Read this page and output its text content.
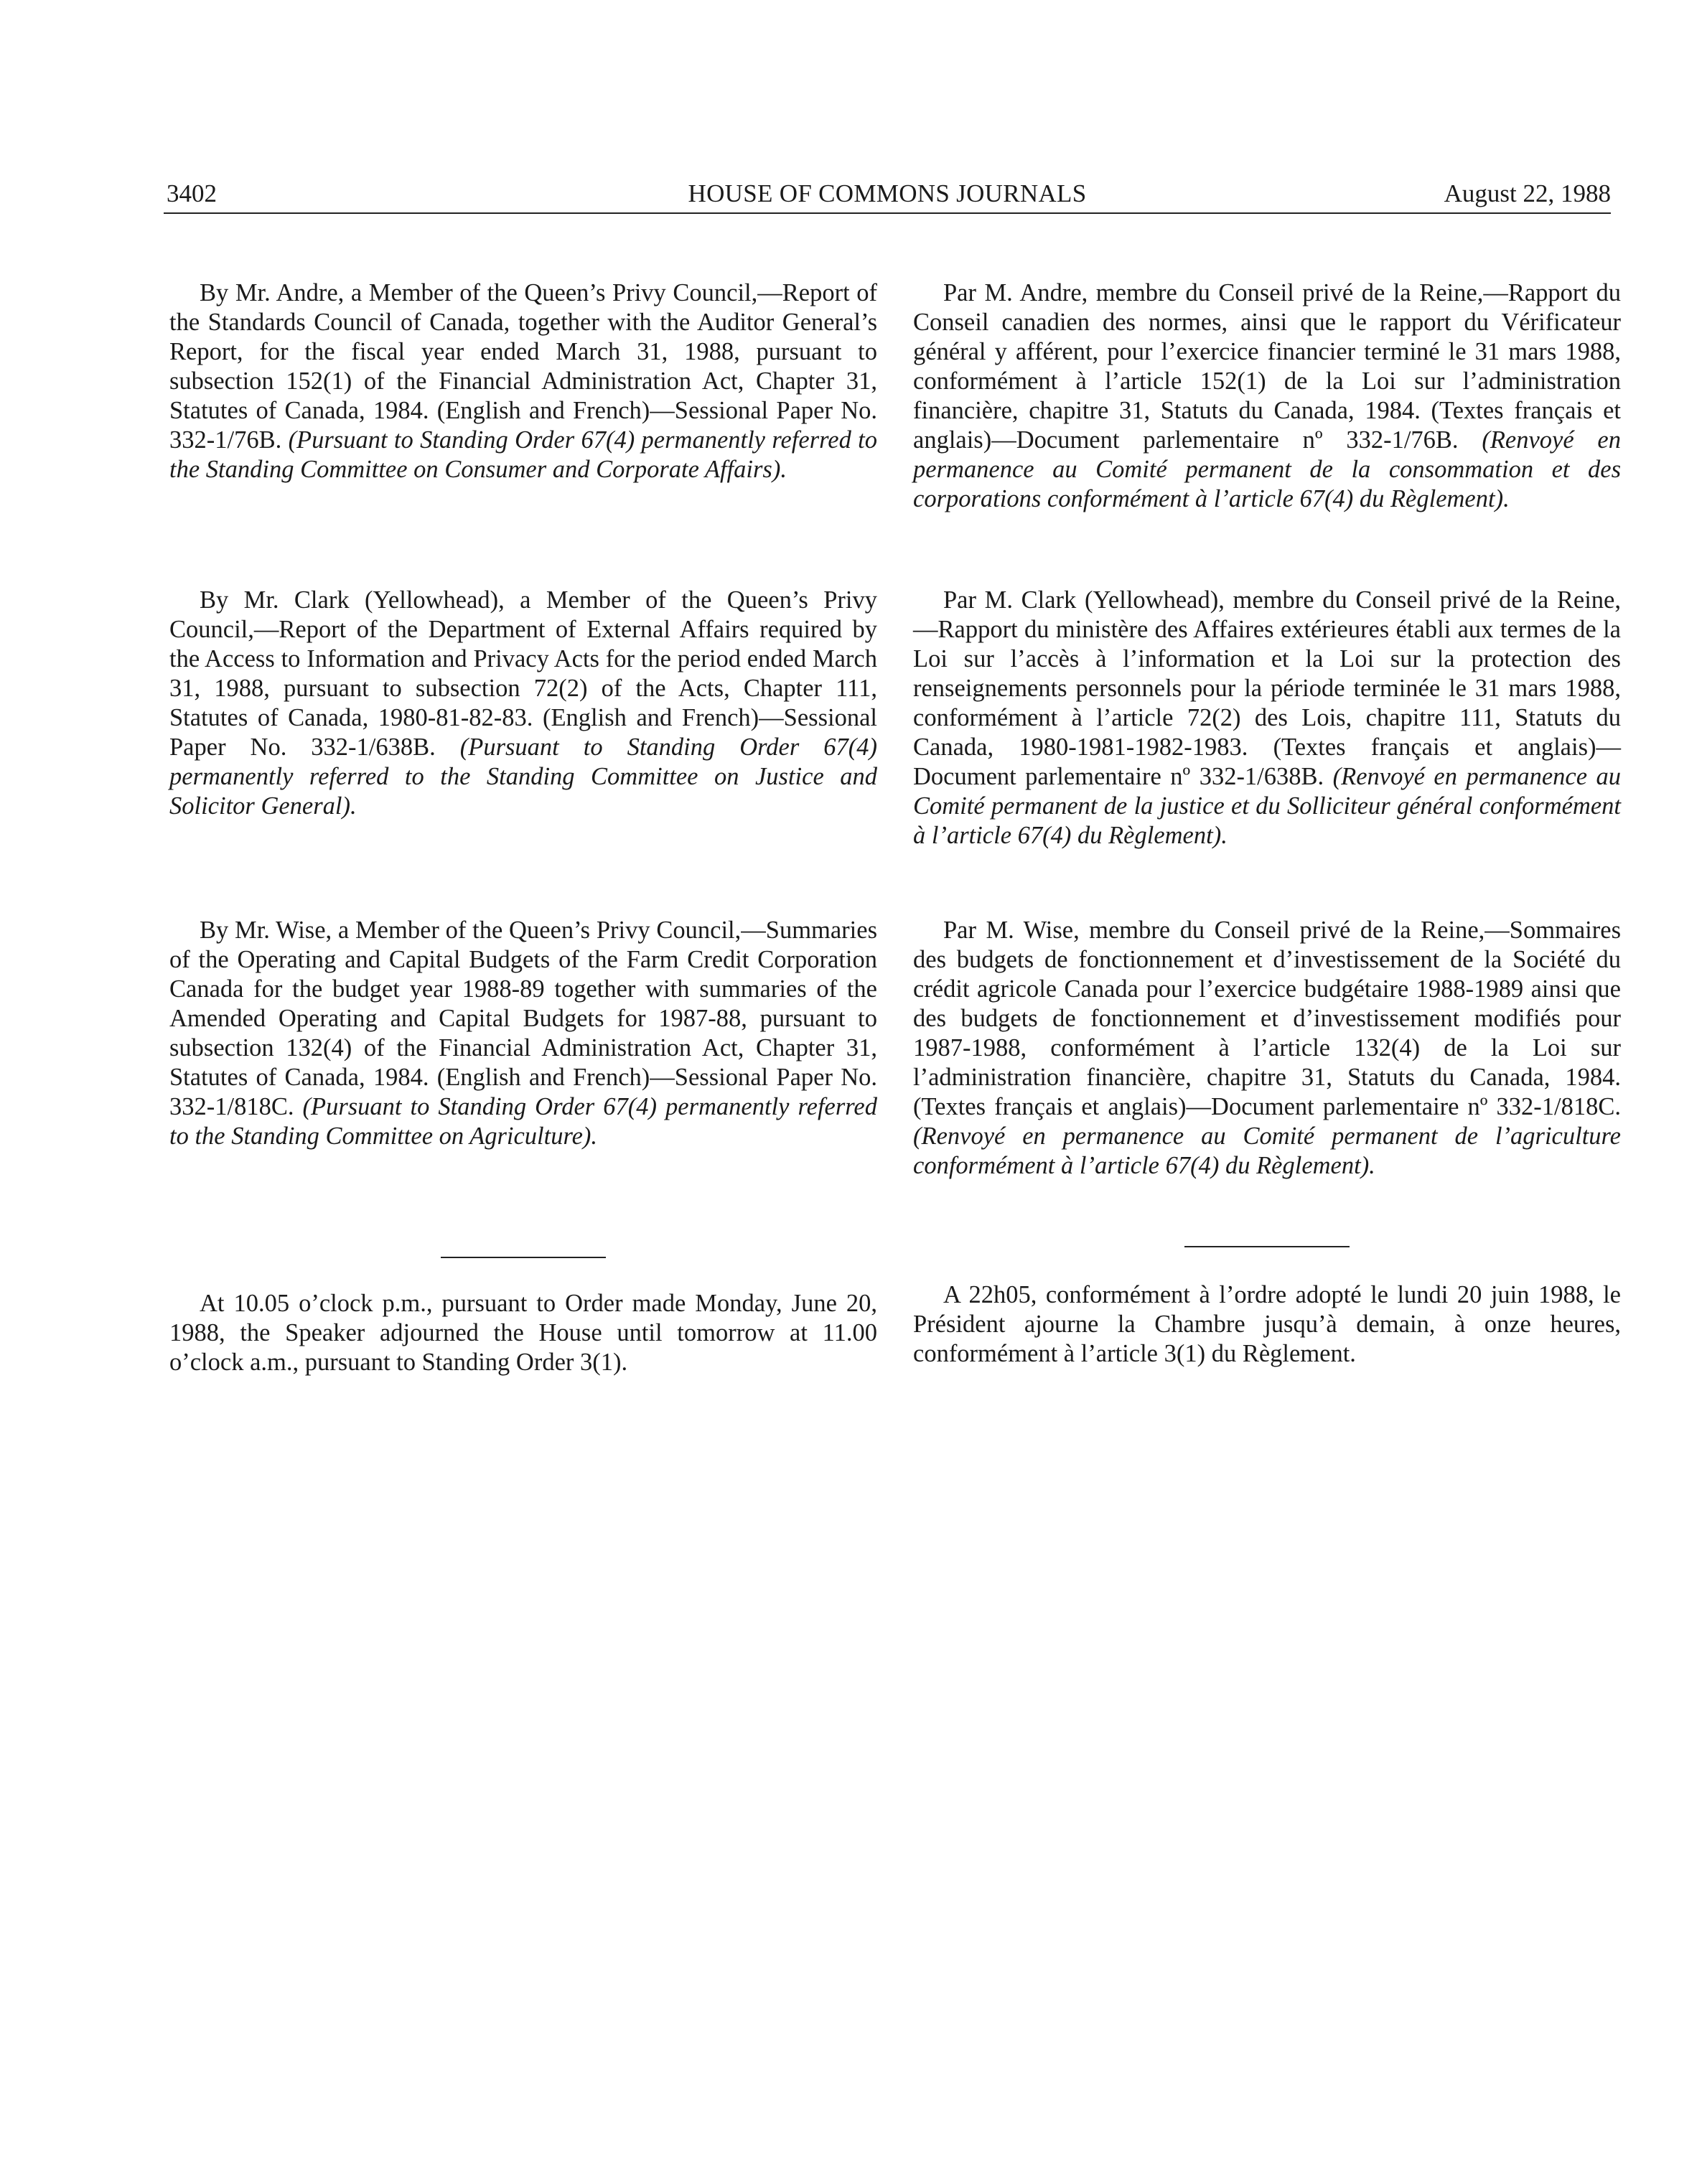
3402	HOUSE OF COMMONS JOURNALS	August 22, 1988

By Mr. Andre, a Member of the Queen’s Privy Council,—Report of the Standards Council of Canada, together with the Auditor General’s Report, for the fiscal year ended March 31, 1988, pursuant to subsection 152(1) of the Financial Administration Act, Chapter 31, Statutes of Canada, 1984. (English and French)—Sessional Paper No. 332-1/76B. (Pursuant to Standing Order 67(4) permanently referred to the Standing Committee on Consumer and Corporate Affairs).

By Mr. Clark (Yellowhead), a Member of the Queen’s Privy Council,—Report of the Department of External Affairs required by the Access to Information and Privacy Acts for the period ended March 31, 1988, pursuant to subsection 72(2) of the Acts, Chapter 111, Statutes of Canada, 1980-81-82-83. (English and French)—Sessional Paper No. 332-1/638B. (Pursuant to Standing Order 67(4) permanently referred to the Standing Committee on Justice and Solicitor General).

By Mr. Wise, a Member of the Queen’s Privy Council,—Summaries of the Operating and Capital Budgets of the Farm Credit Corporation Canada for the budget year 1988-89 together with summaries of the Amended Operating and Capital Budgets for 1987-88, pursuant to subsection 132(4) of the Financial Administration Act, Chapter 31, Statutes of Canada, 1984. (English and French)—Sessional Paper No. 332-1/818C. (Pursuant to Standing Order 67(4) permanently referred to the Standing Committee on Agriculture).

At 10.05 o’clock p.m., pursuant to Order made Monday, June 20, 1988, the Speaker adjourned the House until tomorrow at 11.00 o’clock a.m., pursuant to Standing Order 3(1).

Par M. Andre, membre du Conseil privé de la Reine,—Rapport du Conseil canadien des normes, ainsi que le rapport du Vérificateur général y afférent, pour l’exercice financier terminé le 31 mars 1988, conformément à l’article 152(1) de la Loi sur l’administration financière, chapitre 31, Statuts du Canada, 1984. (Textes français et anglais)—Document parlementaire nº 332-1/76B. (Renvoyé en permanence au Comité permanent de la consommation et des corporations conformément à l’article 67(4) du Règlement).

Par M. Clark (Yellowhead), membre du Conseil privé de la Reine,—Rapport du ministère des Affaires extérieures établi aux termes de la Loi sur l’accès à l’information et la Loi sur la protection des renseignements personnels pour la période terminée le 31 mars 1988, conformément à l’article 72(2) des Lois, chapitre 111, Statuts du Canada, 1980-1981-1982-1983. (Textes français et anglais)—Document parlementaire nº 332-1/638B. (Renvoyé en permanence au Comité permanent de la justice et du Solliciteur général conformément à l’article 67(4) du Règlement).

Par M. Wise, membre du Conseil privé de la Reine,—Sommaires des budgets de fonctionnement et d’investissement de la Société du crédit agricole Canada pour l’exercice budgétaire 1988-1989 ainsi que des budgets de fonctionnement et d’investissement modifiés pour 1987-1988, conformément à l’article 132(4) de la Loi sur l’administration financière, chapitre 31, Statuts du Canada, 1984. (Textes français et anglais)—Document parlementaire nº 332-1/818C. (Renvoyé en permanence au Comité permanent de l’agriculture conformément à l’article 67(4) du Règlement).

A 22h05, conformément à l’ordre adopté le lundi 20 juin 1988, le Président ajourne la Chambre jusqu’à demain, à onze heures, conformément à l’article 3(1) du Règlement.
